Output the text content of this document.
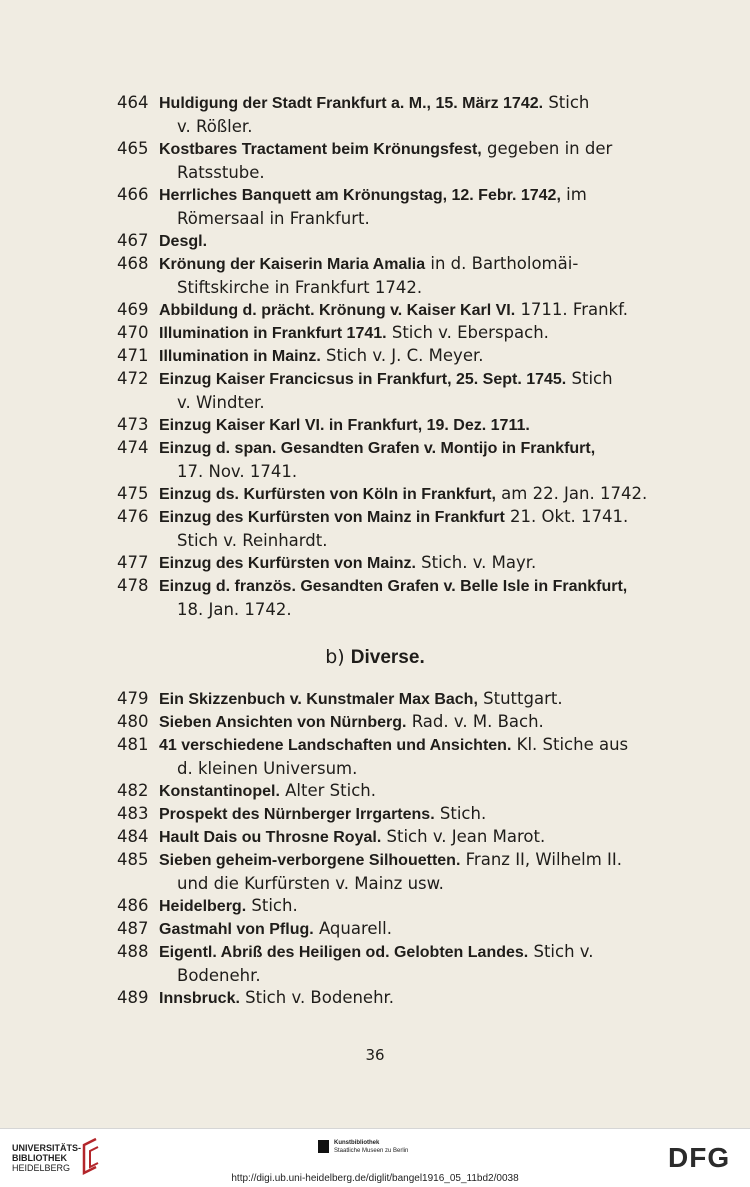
464 Huldigung der Stadt Frankfurt a. M., 15. März 1742. Stich
v. Rößler.
465 Kostbares Tractament beim Krönungsfest, gegeben in der
Ratsstube.
466 Herrliches Banquett am Krönungstag, 12. Febr. 1742, im
Römersaal in Frankfurt.
467 Desgl.
468 Krönung der Kaiserin Maria Amalia in d. Bartholomäi-
Stiftskirche in Frankfurt 1742.
469 Abbildung d. prächt. Krönung v. Kaiser Karl VI. 1711. Frankf.
470 Illumination in Frankfurt 1741. Stich v. Eberspach.
471 Illumination in Mainz. Stich v. J. C. Meyer.
472 Einzug Kaiser Francicsus in Frankfurt, 25. Sept. 1745. Stich
v. Windter.
473 Einzug Kaiser Karl VI. in Frankfurt, 19. Dez. 1711.
474 Einzug d. span. Gesandten Grafen v. Montijo in Frankfurt,
17. Nov. 1741.
475 Einzug ds. Kurfürsten von Köln in Frankfurt, am 22. Jan. 1742.
476 Einzug des Kurfürsten von Mainz in Frankfurt 21. Okt. 1741.
Stich v. Reinhardt.
477 Einzug des Kurfürsten von Mainz. Stich. v. Mayr.
478 Einzug d. französ. Gesandten Grafen v. Belle Isle in Frankfurt,
18. Jan. 1742.
b) Diverse.
479 Ein Skizzenbuch v. Kunstmaler Max Bach, Stuttgart.
480 Sieben Ansichten von Nürnberg. Rad. v. M. Bach.
481 41 verschiedene Landschaften und Ansichten. Kl. Stiche aus
d. kleinen Universum.
482 Konstantinopel. Alter Stich.
483 Prospekt des Nürnberger Irrgartens. Stich.
484 Hault Dais ou Throsne Royal. Stich v. Jean Marot.
485 Sieben geheim-verborgene Silhouetten. Franz II, Wilhelm II.
und die Kurfürsten v. Mainz usw.
486 Heidelberg. Stich.
487 Gastmahl von Pflug. Aquarell.
488 Eigentl. Abriß des Heiligen od. Gelobten Landes. Stich v.
Bodenehr.
489 Innsbruck. Stich v. Bodenehr.
36
UNIVERSITÄTS-
BIBLIOTHEK
HEIDELBERG
Kunstbibliothek
Staatliche Museen zu Berlin	DFG
http://digi.ub.uni-heidelberg.de/diglit/bangel1916_05_11bd2/0038
